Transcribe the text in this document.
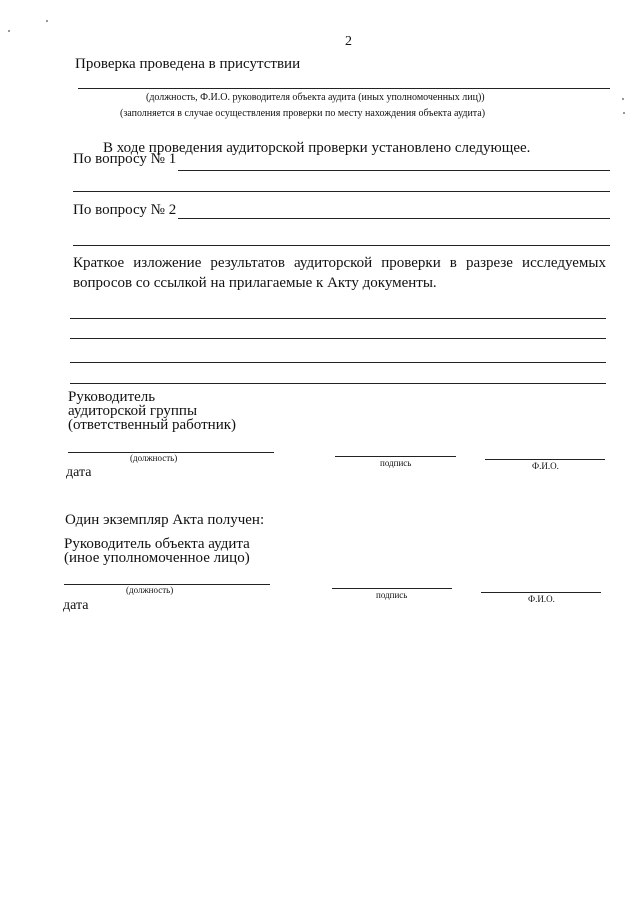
2
Проверка проведена в присутствии
(должность, Ф.И.О. руководителя объекта аудита (иных уполномоченных лиц))
(заполняется в случае осуществления проверки по месту нахождения объекта аудита)
В ходе проведения аудиторской проверки установлено следующее.
По вопросу № 1
По вопросу № 2
Краткое изложение результатов аудиторской проверки в разрезе исследуемых
вопросов со ссылкой на прилагаемые к Акту документы.
Руководитель
аудиторской группы
(ответственный работник)
(должность)	подпись	Ф.И.О.
дата
Один экземпляр Акта получен:
Руководитель объекта аудита
(иное уполномоченное лицо)
(должность)	подпись	Ф.И.О.
дата
